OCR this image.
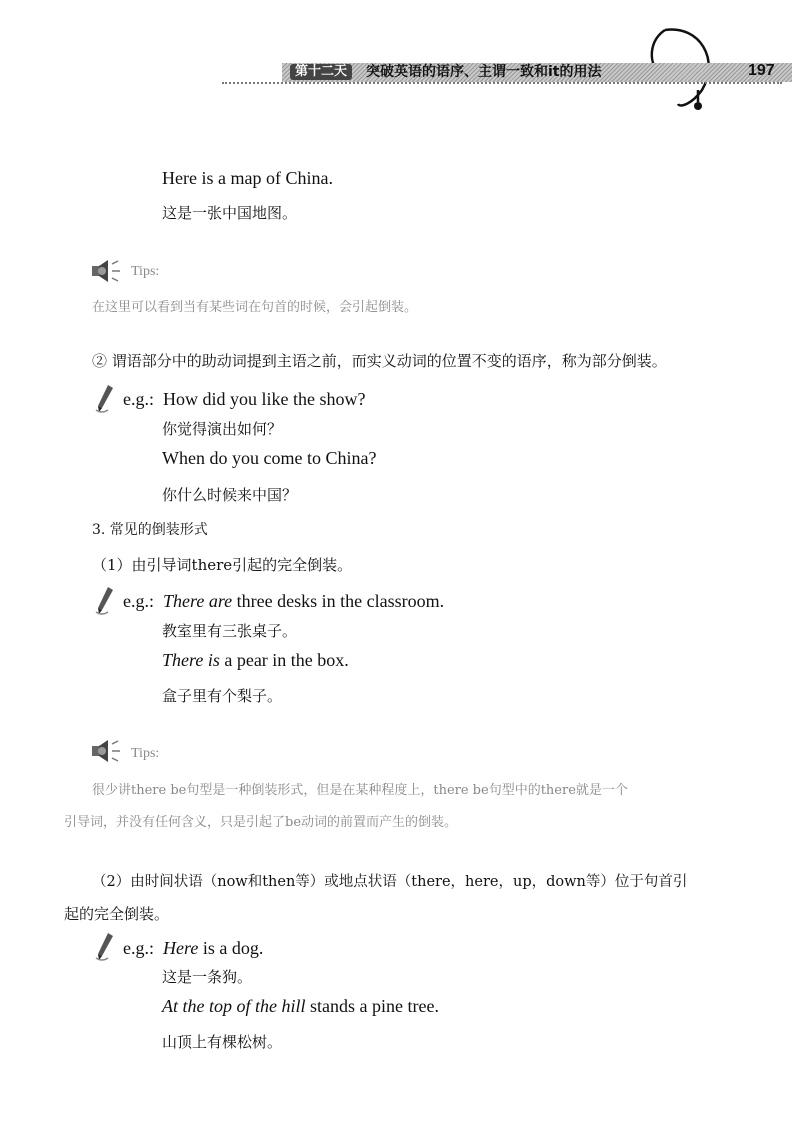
第十二天	突破英语的语序、主谓一致和it的用法	197
Here is a map of China.
这是一张中国地图。
Tips:
在这里可以看到当有某些词在句首的时候，会引起倒装。
② 谓语部分中的助动词提到主语之前，而实义动词的位置不变的语序，称为部分倒装。
e.g.: How did you like the show?
你觉得演出如何？
When do you come to China?
你什么时候来中国？
3. 常见的倒装形式
（1）由引导词there引起的完全倒装。
e.g.: There are three desks in the classroom.
教室里有三张桌子。
There is a pear in the box.
盒子里有个梨子。
Tips:
很少讲there be句型是一种倒装形式，但是在某种程度上，there be句型中的there就是一个
引导词，并没有任何含义，只是引起了be动词的前置而产生的倒装。
（2）由时间状语（now和then等）或地点状语（there，here，up，down等）位于句首引
起的完全倒装。
e.g.: Here is a dog.
这是一条狗。
At the top of the hill stands a pine tree.
山顶上有棵松树。
